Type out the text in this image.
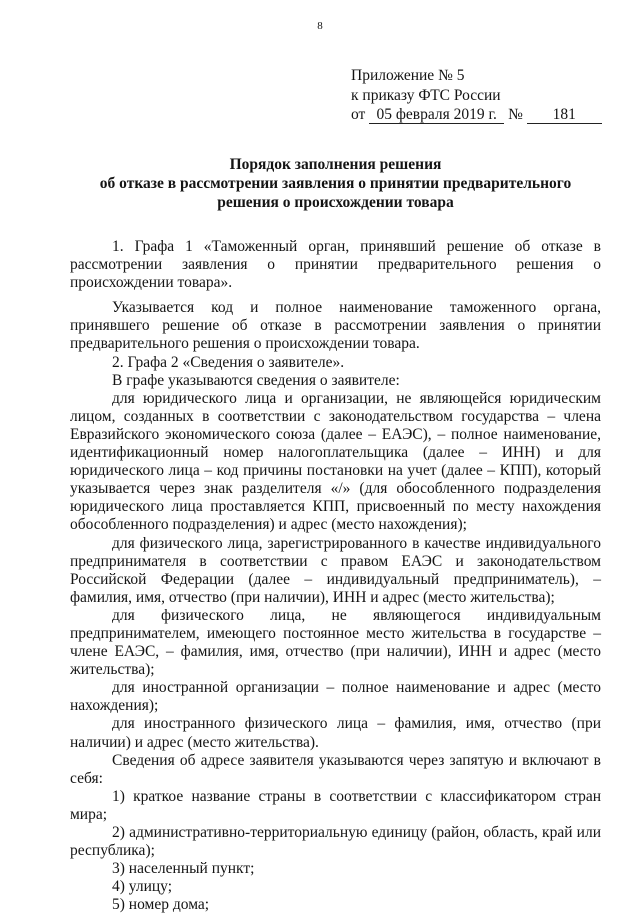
8
Приложение № 5
к приказу ФТС России
от 05 февраля 2019 г. № 181
Порядок заполнения решения
об отказе в рассмотрении заявления о принятии предварительного
решения о происхождении товара

1. Графа 1 «Таможенный орган, принявший решение об отказе в рассмотрении заявления о принятии предварительного решения о происхождении товара».

Указывается код и полное наименование таможенного органа, принявшего решение об отказе в рассмотрении заявления о принятии предварительного решения о происхождении товара.

2. Графа 2 «Сведения о заявителе».

В графе указываются сведения о заявителе:

для юридического лица и организации, не являющейся юридическим лицом, созданных в соответствии с законодательством государства – члена Евразийского экономического союза (далее – ЕАЭС), – полное наименование, идентификационный номер налогоплательщика (далее – ИНН) и для юридического лица – код причины постановки на учет (далее – КПП), который указывается через знак разделителя «/» (для обособленного подразделения юридического лица проставляется КПП, присвоенный по месту нахождения обособленного подразделения) и адрес (место нахождения);

для физического лица, зарегистрированного в качестве индивидуального предпринимателя в соответствии с правом ЕАЭС и законодательством Российской Федерации (далее – индивидуальный предприниматель), – фамилия, имя, отчество (при наличии), ИНН и адрес (место жительства);

для физического лица, не являющегося индивидуальным предпринимателем, имеющего постоянное место жительства в государстве – члене ЕАЭС, – фамилия, имя, отчество (при наличии), ИНН и адрес (место жительства);

для иностранной организации – полное наименование и адрес (место нахождения);

для иностранного физического лица – фамилия, имя, отчество (при наличии) и адрес (место жительства).

Сведения об адресе заявителя указываются через запятую и включают в себя:

1) краткое название страны в соответствии с классификатором стран мира;

2) административно-территориальную единицу (район, область, край или республика);

3) населенный пункт;

4) улицу;

5) номер дома;
